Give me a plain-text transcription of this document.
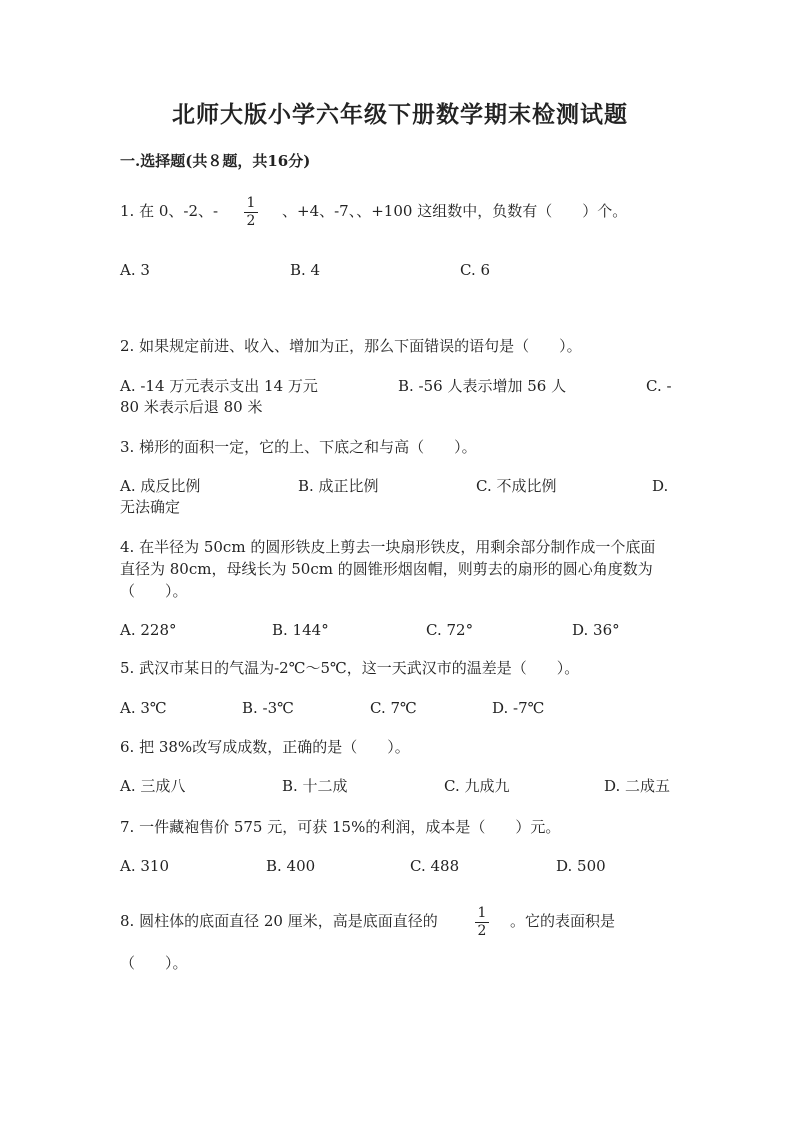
北师大版小学六年级下册数学期末检测试题
一.选择题(共８题，共16分)
1. 在 0、-2、- 1
2
、+4、-7、、+100 这组数中，负数有（　　）个。
A. 3	B. 4	C. 6
2. 如果规定前进、收入、增加为正，那么下面错误的语句是（　　）。
A. -14 万元表示支出 14 万元	B. -56 人表示增加 56 人	C. -
80 米表示后退 80 米
3. 梯形的面积一定，它的上、下底之和与高（　　）。
A. 成反比例	B. 成正比例	C. 不成比例	D.
无法确定
4. 在半径为 50cm 的圆形铁皮上剪去一块扇形铁皮，用剩余部分制作成一个底面
直径为 80cm，母线长为 50cm 的圆锥形烟囱帽，则剪去的扇形的圆心角度数为
（　　）。
A. 228°	B. 144°	C. 72°	D. 36°
5. 武汉市某日的气温为-2℃～5℃，这一天武汉市的温差是（　　）。
A. 3℃	B. -3℃	C. 7℃	D. -7℃
6. 把 38%改写成成数，正确的是（　　）。
A. 三成八	B. 十二成	C. 九成九	D. 二成五
7. 一件藏袍售价 575 元，可获 15%的利润，成本是（　　）元。
A. 310	B. 400	C. 488	D. 500
8. 圆柱体的底面直径 20 厘米，高是底面直径的	1
2
。它的表面积是
（　　）。
